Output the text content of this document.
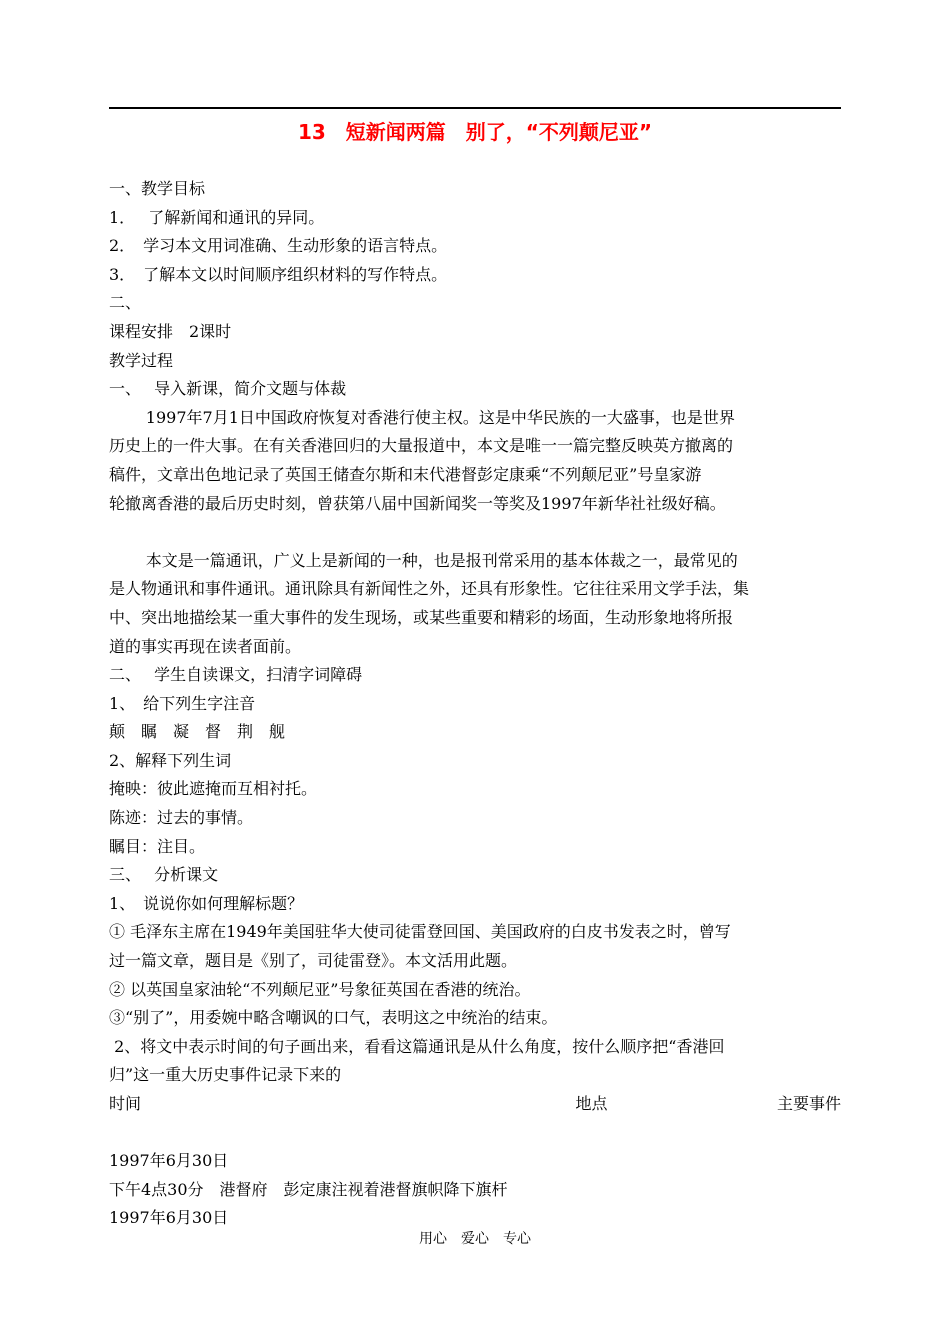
13　短新闻两篇　别了，“不列颠尼亚”
一、教学目标
1．　 了解新闻和通讯的异同。
2．　学习本文用词准确、生动形象的语言特点。
3．　了解本文以时间顺序组织材料的写作特点。
二、
课程安排　2课时
教学过程
一、　 导入新课，简介文题与体裁
1997年7月1日中国政府恢复对香港行使主权。这是中华民族的一大盛事，也是世界
历史上的一件大事。在有关香港回归的大量报道中，本文是唯一一篇完整反映英方撤离的
稿件，文章出色地记录了英国王储查尔斯和末代港督彭定康乘“不列颠尼亚”号皇家游
轮撤离香港的最后历史时刻，曾获第八届中国新闻奖一等奖及1997年新华社社级好稿。
本文是一篇通讯，广义上是新闻的一种，也是报刊常采用的基本体裁之一，最常见的
是人物通讯和事件通讯。通讯除具有新闻性之外，还具有形象性。它往往采用文学手法，集
中、突出地描绘某一重大事件的发生现场，或某些重要和精彩的场面，生动形象地将所报
道的事实再现在读者面前。
二、　 学生自读课文，扫清字词障碍
1、　给下列生字注音
颠　瞩　凝　督　荆　舰
2、解释下列生词
掩映：彼此遮掩而互相衬托。
陈迹：过去的事情。
瞩目：注目。
三、　 分析课文
1、　说说你如何理解标题？
① 毛泽东主席在1949年美国驻华大使司徒雷登回国、美国政府的白皮书发表之时，曾写
过一篇文章，题目是《别了，司徒雷登》。本文活用此题。
② 以英国皇家油轮“不列颠尼亚”号象征英国在香港的统治。
③“别了”，用委婉中略含嘲讽的口气，表明这之中统治的结束。
2、将文中表示时间的句子画出来，看看这篇通讯是从什么角度，按什么顺序把“香港回
归”这一重大历史事件记录下来的
时间	地点	主要事件
1997年6月30日
下午4点30分　港督府　彭定康注视着港督旗帜降下旗杆
1997年6月30日
用心　爱心　专心
